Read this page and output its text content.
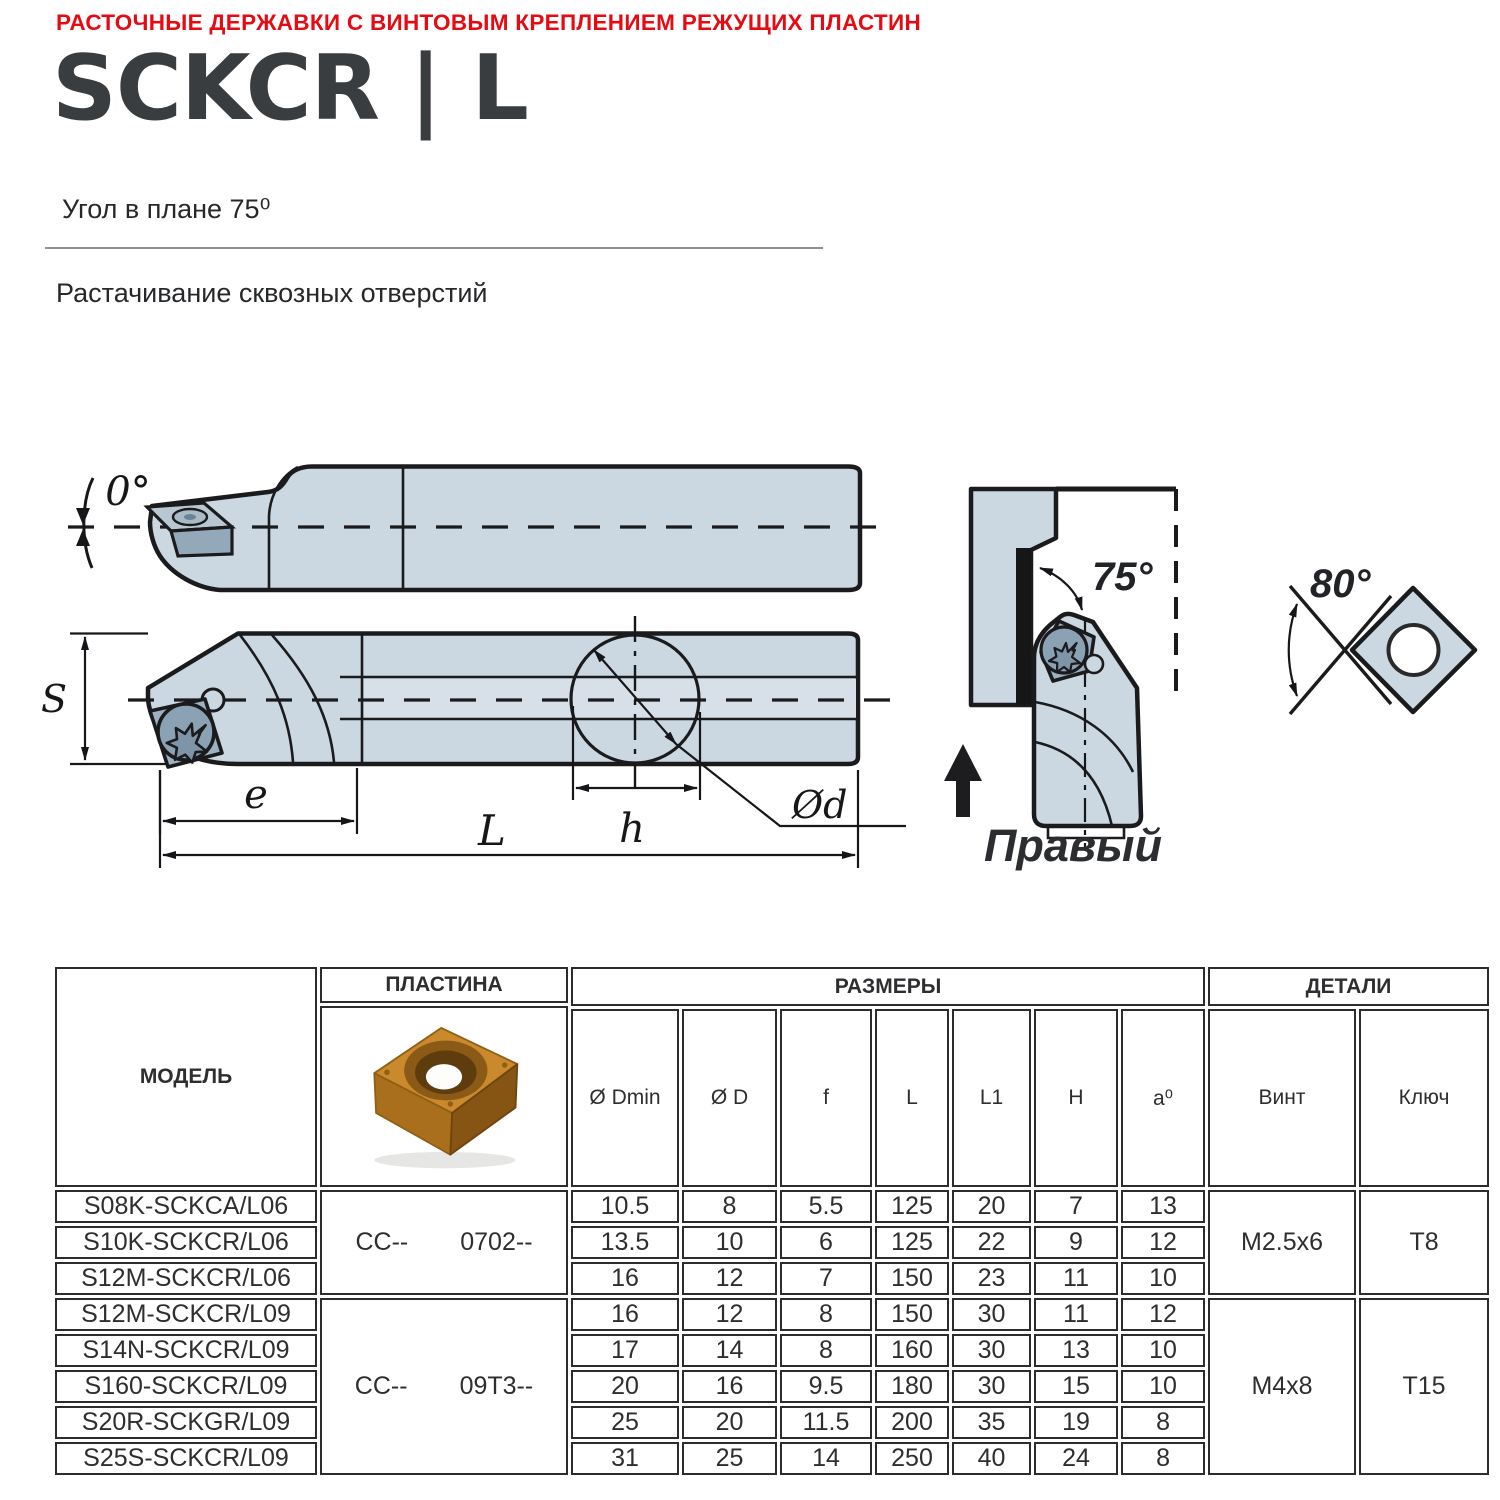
РАСТОЧНЫЕ ДЕРЖАВКИ С ВИНТОВЫМ КРЕПЛЕНИЕМ РЕЖУЩИХ ПЛАСТИН
SCKCR | L
Угол в плане 75⁰
Растачивание сквозных отверстий
0°
Ød
S
e
L	h
75°
Правый
80°
МОДЕЛЬ	ПЛАСТИНА	РАЗМЕРЫ							ДЕТАЛИ	

		Ø Dmin	Ø D	f	L	L1	H	a⁰	Винт	Ключ
S08K-SCKCA/L06	CC-- 0702--	10.5	8	5.5	125	20	7	13	M2.5x6	T8
S10K-SCKCR/L06		13.5	10	6	125	22	9	12		
S12M-SCKCR/L06		16	12	7	150	23	11	10		
S12M-SCKCR/L09	CC-- 09T3--	16	12	8	150	30	11	12	M4x8	T15
S14N-SCKCR/L09		17	14	8	160	30	13	10		
S160-SCKCR/L09		20	16	9.5	180	30	15	10		
S20R-SCKGR/L09		25	20	11.5	200	35	19	8		
S25S-SCKCR/L09		31	25	14	250	40	24	8		
